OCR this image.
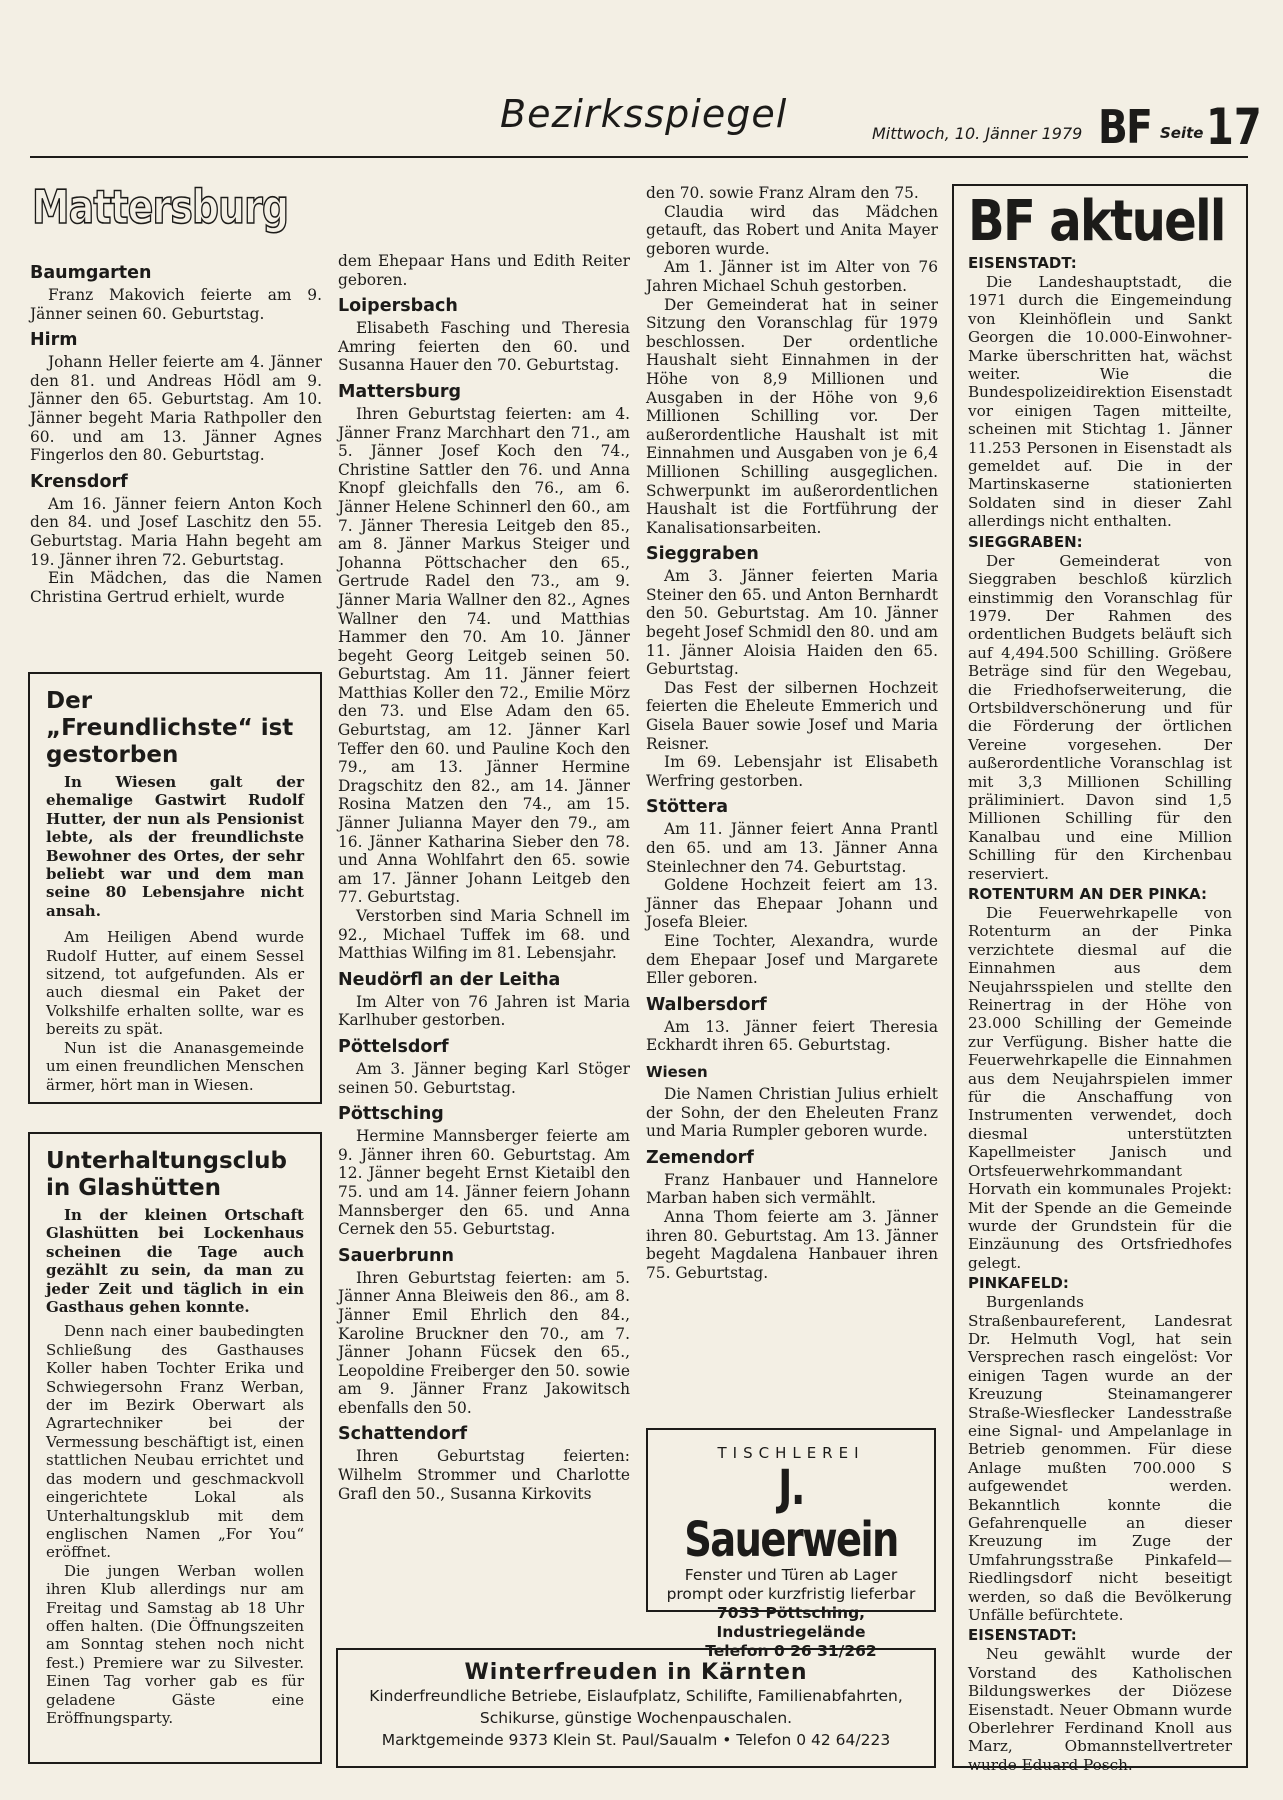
Bezirksspiegel	Mittwoch, 10. Jänner 1979 BF Seite 17
Mattersburg
Baumgarten

Franz Makovich feierte am 9. Jänner seinen 60. Geburtstag.

Hirm

Johann Heller feierte am 4. Jänner den 81. und Andreas Hödl am 9. Jänner den 65. Geburtstag. Am 10. Jänner begeht Maria Rathpoller den 60. und am 13. Jänner Agnes Fingerlos den 80. Geburtstag.

Krensdorf

Am 16. Jänner feiern Anton Koch den 84. und Josef Laschitz den 55. Geburtstag. Maria Hahn begeht am 19. Jänner ihren 72. Geburtstag.

Ein Mädchen, das die Namen Christina Gertrud erhielt, wurde

Der „Freundlichste“ ist gestorben

In Wiesen galt der ehemalige Gastwirt Rudolf Hutter, der nun als Pensionist lebte, als der freundlichste Bewohner des Ortes, der sehr beliebt war und dem man seine 80 Lebensjahre nicht ansah.

Am Heiligen Abend wurde Rudolf Hutter, auf einem Sessel sitzend, tot aufgefunden. Als er auch diesmal ein Paket der Volkshilfe erhalten sollte, war es bereits zu spät.

Nun ist die Ananasgemeinde um einen freundlichen Menschen ärmer, hört man in Wiesen.

Unterhaltungsclub in Glashütten

In der kleinen Ortschaft Glashütten bei Lockenhaus scheinen die Tage auch gezählt zu sein, da man zu jeder Zeit und täglich in ein Gasthaus gehen konnte.

Denn nach einer baubedingten Schließung des Gasthauses Koller haben Tochter Erika und Schwiegersohn Franz Werban, der im Bezirk Oberwart als Agrartechniker bei der Vermessung beschäftigt ist, einen stattlichen Neubau errichtet und das modern und geschmackvoll eingerichtete Lokal als Unterhaltungsklub mit dem englischen Namen „For You“ eröffnet.

Die jungen Werban wollen ihren Klub allerdings nur am Freitag und Samstag ab 18 Uhr offen halten. (Die Öffnungszeiten am Sonntag stehen noch nicht fest.) Premiere war zu Silvester. Einen Tag vorher gab es für geladene Gäste eine Eröffnungsparty.

dem Ehepaar Hans und Edith Reiter geboren.

Loipersbach

Elisabeth Fasching und Theresia Amring feierten den 60. und Susanna Hauer den 70. Geburtstag.

Mattersburg

Ihren Geburtstag feierten: am 4. Jänner Franz Marchhart den 71., am 5. Jänner Josef Koch den 74., Christine Sattler den 76. und Anna Knopf gleichfalls den 76., am 6. Jänner Helene Schinnerl den 60., am 7. Jänner Theresia Leitgeb den 85., am 8. Jänner Markus Steiger und Johanna Pöttschacher den 65., Gertrude Radel den 73., am 9. Jänner Maria Wallner den 82., Agnes Wallner den 74. und Matthias Hammer den 70. Am 10. Jänner begeht Georg Leitgeb seinen 50. Geburtstag. Am 11. Jänner feiert Matthias Koller den 72., Emilie Mörz den 73. und Else Adam den 65. Geburtstag, am 12. Jänner Karl Teffer den 60. und Pauline Koch den 79., am 13. Jänner Hermine Dragschitz den 82., am 14. Jänner Rosina Matzen den 74., am 15. Jänner Julianna Mayer den 79., am 16. Jänner Katharina Sieber den 78. und Anna Wohlfahrt den 65. sowie am 17. Jänner Johann Leitgeb den 77. Geburtstag.

Verstorben sind Maria Schnell im 92., Michael Tuffek im 68. und Matthias Wilfing im 81. Lebensjahr.

Neudörfl an der Leitha

Im Alter von 76 Jahren ist Maria Karlhuber gestorben.

Pöttelsdorf

Am 3. Jänner beging Karl Stöger seinen 50. Geburtstag.

Pöttsching

Hermine Mannsberger feierte am 9. Jänner ihren 60. Geburtstag. Am 12. Jänner begeht Ernst Kietaibl den 75. und am 14. Jänner feiern Johann Mannsberger den 65. und Anna Cernek den 55. Geburtstag.

Sauerbrunn

Ihren Geburtstag feierten: am 5. Jänner Anna Bleiweis den 86., am 8. Jänner Emil Ehrlich den 84., Karoline Bruckner den 70., am 7. Jänner Johann Fücsek den 65., Leopoldine Freiberger den 50. sowie am 9. Jänner Franz Jakowitsch ebenfalls den 50.

Schattendorf

Ihren Geburtstag feierten: Wilhelm Strommer und Charlotte Grafl den 50., Susanna Kirkovits

den 70. sowie Franz Alram den 75.

Claudia wird das Mädchen getauft, das Robert und Anita Mayer geboren wurde.

Am 1. Jänner ist im Alter von 76 Jahren Michael Schuh gestorben.

Der Gemeinderat hat in seiner Sitzung den Voranschlag für 1979 beschlossen. Der ordentliche Haushalt sieht Einnahmen in der Höhe von 8,9 Millionen und Ausgaben in der Höhe von 9,6 Millionen Schilling vor. Der außerordentliche Haushalt ist mit Einnahmen und Ausgaben von je 6,4 Millionen Schilling ausgeglichen. Schwerpunkt im außerordentlichen Haushalt ist die Fortführung der Kanalisationsarbeiten.

Sieggraben

Am 3. Jänner feierten Maria Steiner den 65. und Anton Bernhardt den 50. Geburtstag. Am 10. Jänner begeht Josef Schmidl den 80. und am 11. Jänner Aloisia Haiden den 65. Geburtstag.

Das Fest der silbernen Hochzeit feierten die Eheleute Emmerich und Gisela Bauer sowie Josef und Maria Reisner.

Im 69. Lebensjahr ist Elisabeth Werfring gestorben.

Stöttera

Am 11. Jänner feiert Anna Prantl den 65. und am 13. Jänner Anna Steinlechner den 74. Geburtstag.

Goldene Hochzeit feiert am 13. Jänner das Ehepaar Johann und Josefa Bleier.

Eine Tochter, Alexandra, wurde dem Ehepaar Josef und Margarete Eller geboren.

Walbersdorf

Am 13. Jänner feiert Theresia Eckhardt ihren 65. Geburtstag.

Wiesen

Die Namen Christian Julius erhielt der Sohn, der den Eheleuten Franz und Maria Rumpler geboren wurde.

Zemendorf

Franz Hanbauer und Hannelore Marban haben sich vermählt.

Anna Thom feierte am 3. Jänner ihren 80. Geburtstag. Am 13. Jänner begeht Magdalena Hanbauer ihren 75. Geburtstag.

TISCHLEREI
J. Sauerwein
Fenster und Türen ab Lager
prompt oder kurzfristig lieferbar
7033 Pöttsching, Industriegelände
Telefon 0 26 31/262
Winterfreuden in Kärnten
Kinderfreundliche Betriebe, Eislaufplatz, Schilifte, Familienabfahrten,
Schikurse, günstige Wochenpauschalen.
Marktgemeinde 9373 Klein St. Paul/Saualm • Telefon 0 42 64/223
BF aktuell
EISENSTADT:

Die Landeshauptstadt, die 1971 durch die Eingemeindung von Kleinhöflein und Sankt Georgen die 10.000-Einwohner-Marke überschritten hat, wächst weiter. Wie die Bundespolizeidirektion Eisenstadt vor einigen Tagen mitteilte, scheinen mit Stichtag 1. Jänner 11.253 Personen in Eisenstadt als gemeldet auf. Die in der Martinskaserne stationierten Soldaten sind in dieser Zahl allerdings nicht enthalten.

SIEGGRABEN:

Der Gemeinderat von Sieggraben beschloß kürzlich einstimmig den Voranschlag für 1979. Der Rahmen des ordentlichen Budgets beläuft sich auf 4,494.500 Schilling. Größere Beträge sind für den Wegebau, die Friedhofserweiterung, die Ortsbildverschönerung und für die Förderung der örtlichen Vereine vorgesehen. Der außerordentliche Voranschlag ist mit 3,3 Millionen Schilling präliminiert. Davon sind 1,5 Millionen Schilling für den Kanalbau und eine Million Schilling für den Kirchenbau reserviert.

ROTENTURM AN DER PINKA:

Die Feuerwehrkapelle von Rotenturm an der Pinka verzichtete diesmal auf die Einnahmen aus dem Neujahrsspielen und stellte den Reinertrag in der Höhe von 23.000 Schilling der Gemeinde zur Verfügung. Bisher hatte die Feuerwehrkapelle die Einnahmen aus dem Neujahrspielen immer für die Anschaffung von Instrumenten verwendet, doch diesmal unterstützten Kapellmeister Janisch und Ortsfeuerwehrkommandant Horvath ein kommunales Projekt: Mit der Spende an die Gemeinde wurde der Grundstein für die Einzäunung des Ortsfriedhofes gelegt.

PINKAFELD:

Burgenlands Straßenbaureferent, Landesrat Dr. Helmuth Vogl, hat sein Versprechen rasch eingelöst: Vor einigen Tagen wurde an der Kreuzung Steinamangerer Straße-Wiesflecker Landesstraße eine Signal- und Ampelanlage in Betrieb genommen. Für diese Anlage mußten 700.000 S aufgewendet werden. Bekanntlich konnte die Gefahrenquelle an dieser Kreuzung im Zuge der Umfahrungsstraße Pinkafeld—Riedlingsdorf nicht beseitigt werden, so daß die Bevölkerung Unfälle befürchtete.

EISENSTADT:

Neu gewählt wurde der Vorstand des Katholischen Bildungswerkes der Diözese Eisenstadt. Neuer Obmann wurde Oberlehrer Ferdinand Knoll aus Marz, Obmannstellvertreter wurde Eduard Posch.
